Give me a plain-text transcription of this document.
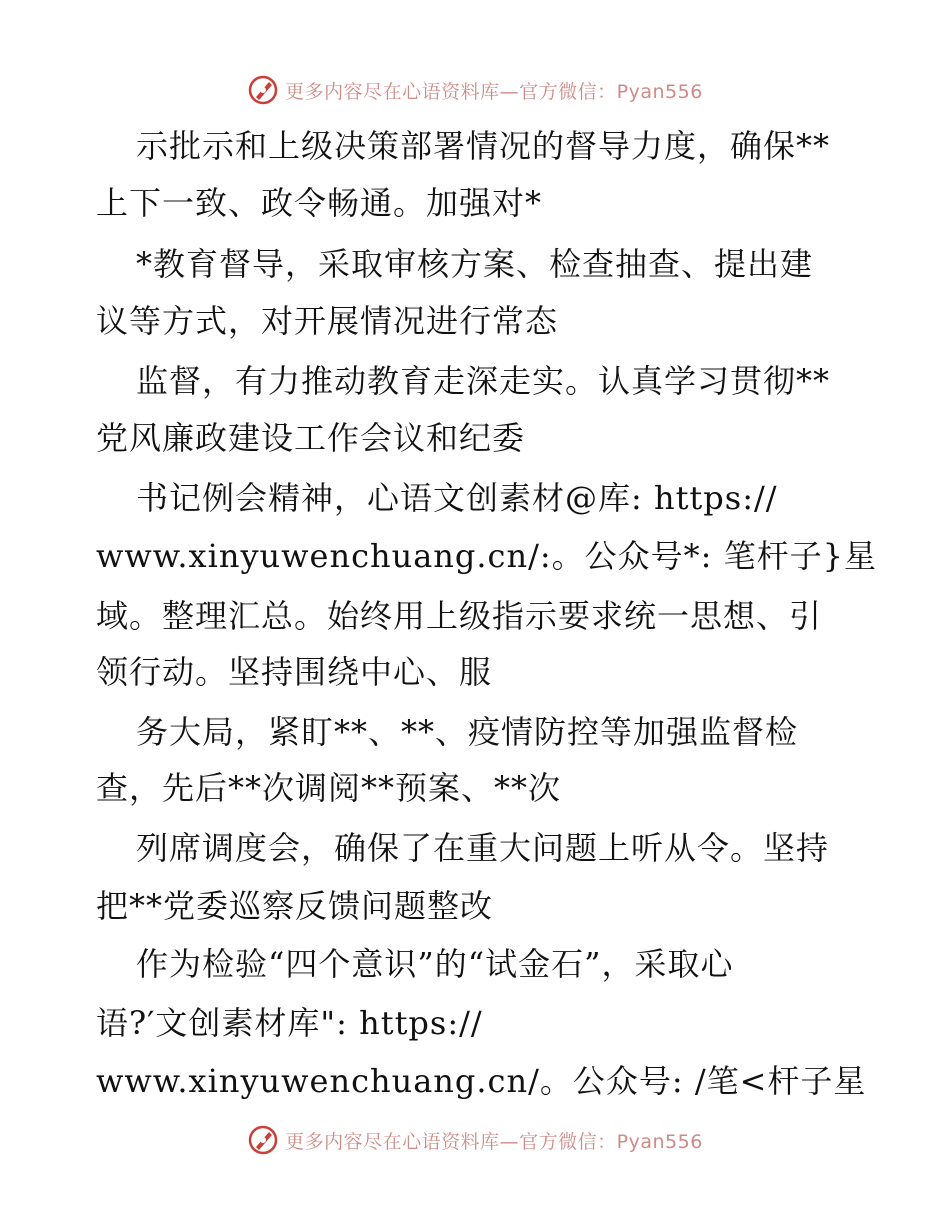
更多内容尽在心语资料库—官方微信：Pyan556
示批示和上级决策部署情况的督导力度，确保**
上下一致、政令畅通。加强对*
*教育督导，采取审核方案、检查抽查、提出建
议等方式，对开展情况进行常态
监督，有力推动教育走深走实。认真学习贯彻**
党风廉政建设工作会议和纪委
书记例会精神，心语文创素材@库: https://
www.xinyuwenchuang.cn/:。公众号*: 笔杆子}星
域。整理汇总。始终用上级指示要求统一思想、引
领行动。坚持围绕中心、服
务大局，紧盯**、**、疫情防控等加强监督检
查，先后**次调阅**预案、**次
列席调度会，确保了在重大问题上听从令。坚持
把**党委巡察反馈问题整改
作为检验“四个意识”的“试金石”，采取心
语?′文创素材库": https://
www.xinyuwenchuang.cn/。公众号: /笔<杆子星
更多内容尽在心语资料库—官方微信：Pyan556
